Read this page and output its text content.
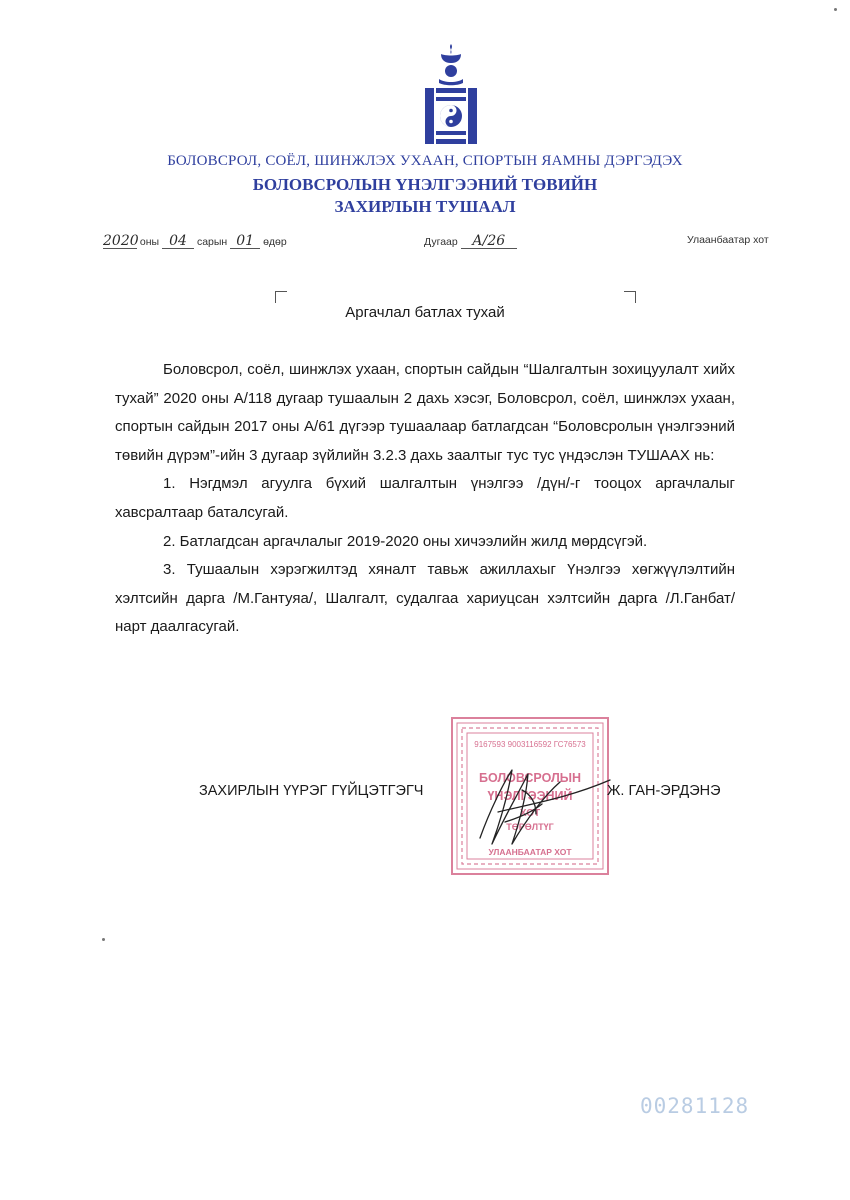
БОЛОВСРОЛ, СОЁЛ, ШИНЖЛЭХ УХААН, СПОРТЫН ЯАМНЫ ДЭРГЭДЭХ
БОЛОВСРОЛЫН ҮНЭЛГЭЭНИЙ ТӨВИЙН
ЗАХИРЛЫН ТУШААЛ
2020 оны 04 сарын 01 өдөр	Дугаар А/26	Улаанбаатар хот
Аргачлал батлах тухай

Боловсрол, соёл, шинжлэх ухаан, спортын сайдын “Шалгалтын зохицуулалт хийх тухай” 2020 оны А/118 дугаар тушаалын 2 дахь хэсэг, Боловсрол, соёл, шинжлэх ухаан, спортын сайдын 2017 оны А/61 дүгээр тушаалаар батлагдсан “Боловсролын үнэлгээний төвийн дүрэм”-ийн 3 дугаар зүйлийн 3.2.3 дахь заалтыг тус тус үндэслэн ТУШААХ нь:

1. Нэгдмэл агуулга бүхий шалгалтын үнэлгээ /дүн/-г тооцох аргачлалыг хавсралтаар баталсугай.

2. Батлагдсан аргачлалыг 2019-2020 оны хичээлийн жилд мөрдсүгэй.

3. Тушаалын хэрэгжилтэд хяналт тавьж ажиллахыг Үнэлгээ хөгжүүлэлтийн хэлтсийн дарга /М.Гантуяа/, Шалгалт, судалгаа хариуцсан хэлтсийн дарга /Л.Ганбат/ нарт даалгасугай.

9167593 9003116592 ГС76573
БОЛОВСРОЛЫН
ҮНЭЛГЭЭНИЙ
ХОТ
ТӨРӨЛТҮГ
УЛААНБААТАР ХОТ
ЗАХИРЛЫН ҮҮРЭГ ГҮЙЦЭТГЭГЧ	Ж. ГАН-ЭРДЭНЭ
00281128
